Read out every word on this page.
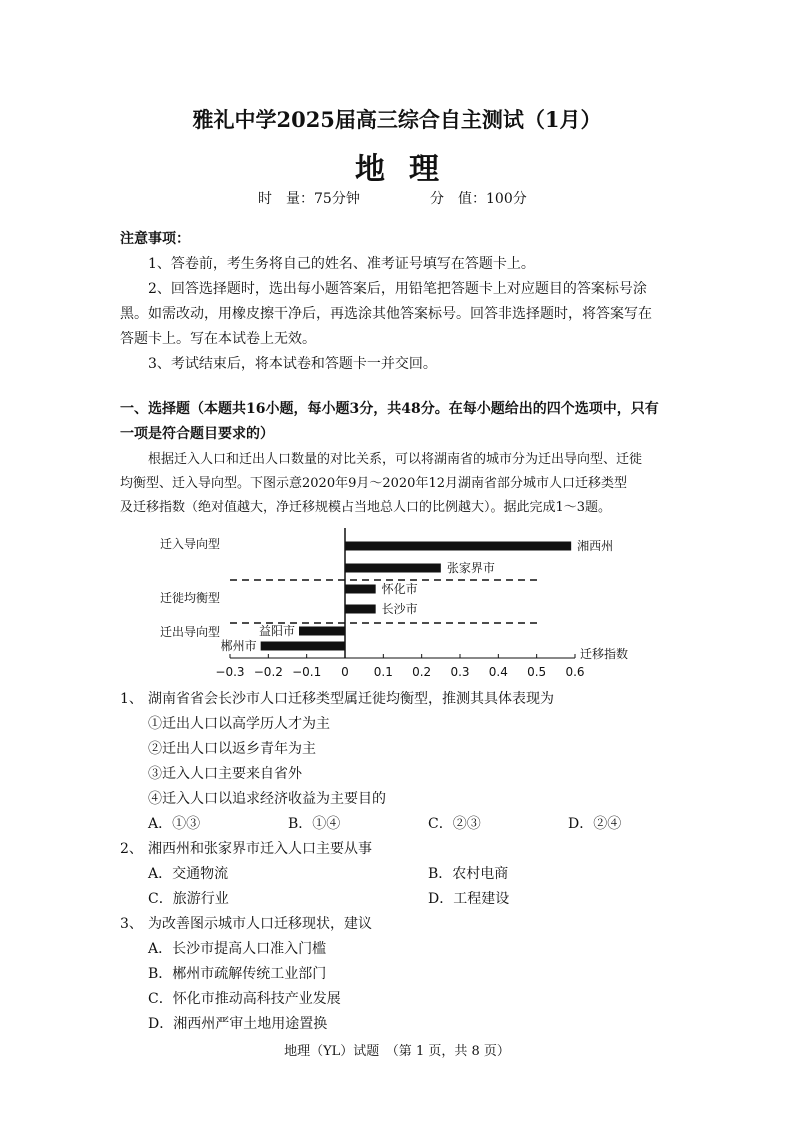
雅礼中学2025届高三综合自主测试（1月）
地理
时　量：75分钟	分　值：100分
注意事项：
1、答卷前，考生务将自己的姓名、准考证号填写在答题卡上。
2、回答选择题时，选出每小题答案后，用铅笔把答题卡上对应题目的答案标号涂
黑。如需改动，用橡皮擦干净后，再选涂其他答案标号。回答非选择题时，将答案写在
答题卡上。写在本试卷上无效。
3、考试结束后，将本试卷和答题卡一并交回。
一、选择题（本题共16小题，每小题3分，共48分。在每小题给出的四个选项中，只有
一项是符合题目要求的）
根据迁入人口和迁出人口数量的对比关系，可以将湖南省的城市分为迁出导向型、迁徙
均衡型、迁入导向型。下图示意2020年9月～2020年12月湖南省部分城市人口迁移类型
及迁移指数（绝对值越大，净迁移规模占当地总人口的比例越大）。据此完成1～3题。
迁入导向型
迁徙均衡型
迁出导向型
湘西州
张家界市
怀化市
长沙市
益阳市
郴州市
−0.3 −0.2 −0.1 0 0.1 0.2 0.3 0.4 0.5 0.6
迁移指数
1、 湖南省省会长沙市人口迁移类型属迁徙均衡型，推测其具体表现为
①迁出人口以高学历人才为主
②迁出人口以返乡青年为主
③迁入人口主要来自省外
④迁入人口以追求经济收益为主要目的
A．①③	B．①④	C．②③	D．②④
2、 湘西州和张家界市迁入人口主要从事
A．交通物流	B．农村电商
C．旅游行业	D．工程建设
3、 为改善图示城市人口迁移现状，建议
A．长沙市提高人口准入门槛
B．郴州市疏解传统工业部门
C．怀化市推动高科技产业发展
D．湘西州严审土地用途置换
地理（YL）试题　（第 1 页，共 8 页）
